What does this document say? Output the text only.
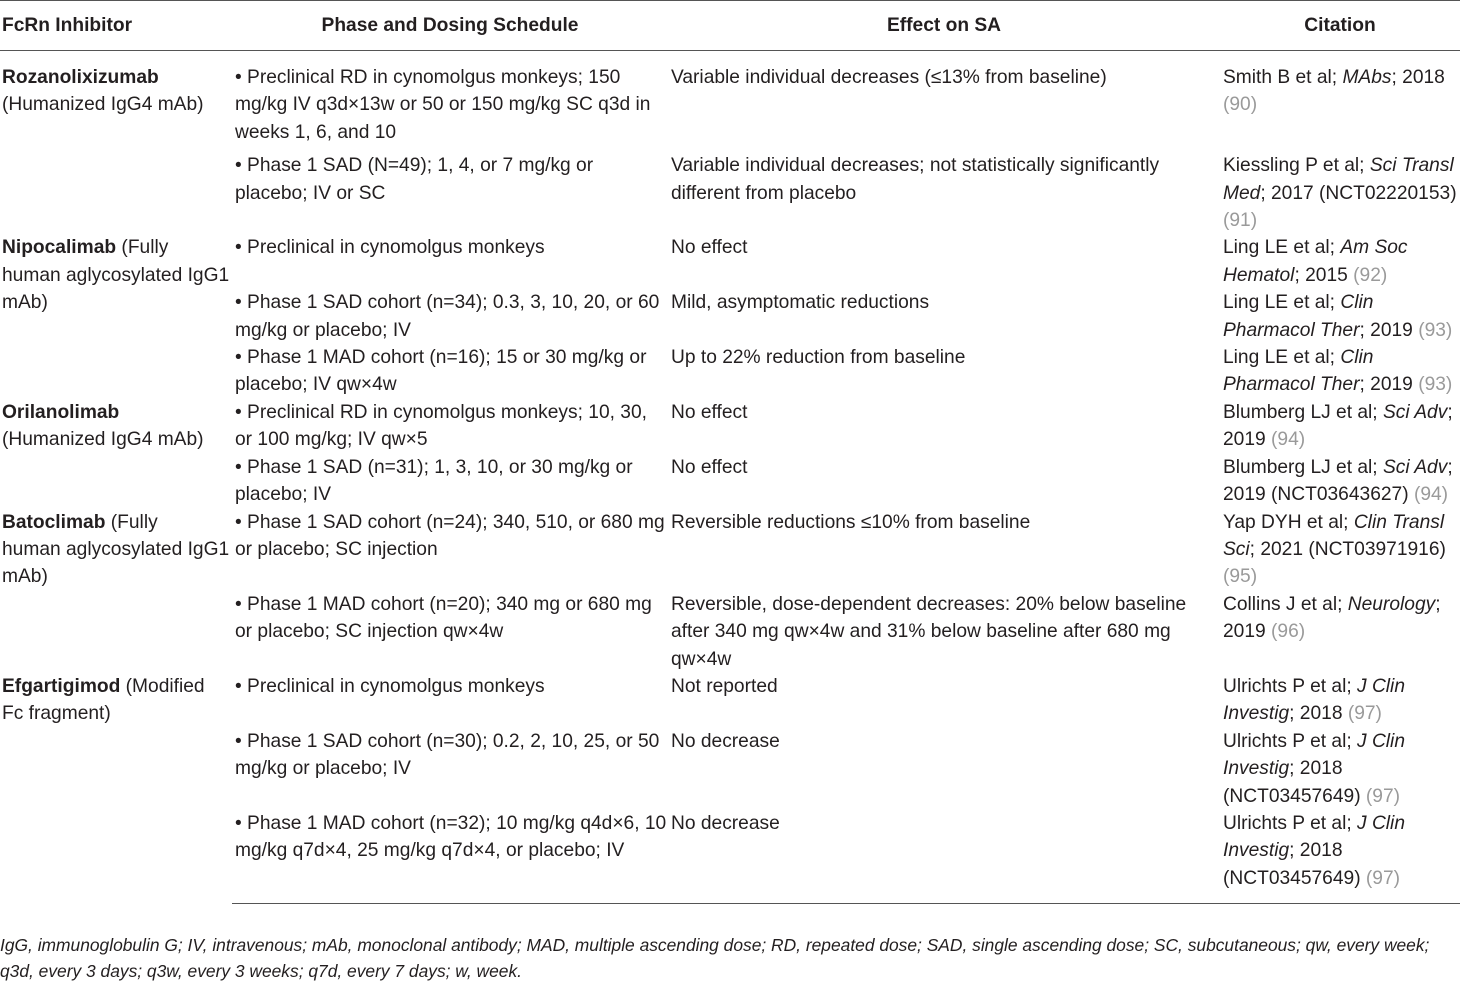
FcRn Inhibitor	Phase and Dosing Schedule	Effect on SA	Citation
Rozanolixizumab
(Humanized IgG4 mAb)	• Preclinical RD in cynomolgus monkeys; 150 mg/kg IV q3d×13w or 50 or 150 mg/kg SC q3d in weeks 1, 6, and 10	Variable individual decreases (≤13% from baseline)	Smith B et al; MAbs; 2018 (90)
	• Phase 1 SAD (N=49); 1, 4, or 7 mg/kg or placebo; IV or SC	Variable individual decreases; not statistically significantly different from placebo	Kiessling P et al; Sci Transl Med; 2017 (NCT02220153) (91)
Nipocalimab (Fully
human aglycosylated IgG1 mAb)	• Preclinical in cynomolgus monkeys	No effect	Ling LE et al; Am Soc Hematol; 2015 (92)
	• Phase 1 SAD cohort (n=34); 0.3, 3, 10, 20, or 60 mg/kg or placebo; IV	Mild, asymptomatic reductions	Ling LE et al; Clin Pharmacol Ther; 2019 (93)
	• Phase 1 MAD cohort (n=16); 15 or 30 mg/kg or placebo; IV qw×4w	Up to 22% reduction from baseline	Ling LE et al; Clin Pharmacol Ther; 2019 (93)
Orilanolimab
(Humanized IgG4 mAb)	• Preclinical RD in cynomolgus monkeys; 10, 30, or 100 mg/kg; IV qw×5	No effect	Blumberg LJ et al; Sci Adv; 2019 (94)
	• Phase 1 SAD (n=31); 1, 3, 10, or 30 mg/kg or placebo; IV	No effect	Blumberg LJ et al; Sci Adv; 2019 (NCT03643627) (94)
Batoclimab (Fully
human aglycosylated IgG1 mAb)	• Phase 1 SAD cohort (n=24); 340, 510, or 680 mg or placebo; SC injection	Reversible reductions ≤10% from baseline	Yap DYH et al; Clin Transl Sci; 2021 (NCT03971916) (95)
	• Phase 1 MAD cohort (n=20); 340 mg or 680 mg or placebo; SC injection qw×4w	Reversible, dose-dependent decreases: 20% below baseline after 340 mg qw×4w and 31% below baseline after 680 mg qw×4w	Collins J et al; Neurology; 2019 (96)
Efgartigimod (Modified
Fc fragment)	• Preclinical in cynomolgus monkeys	Not reported	Ulrichts P et al; J Clin Investig; 2018 (97)
	• Phase 1 SAD cohort (n=30); 0.2, 2, 10, 25, or 50 mg/kg or placebo; IV	No decrease	Ulrichts P et al; J Clin Investig; 2018 (NCT03457649) (97)
	• Phase 1 MAD cohort (n=32); 10 mg/kg q4d×6, 10 mg/kg q7d×4, 25 mg/kg q7d×4, or placebo; IV	No decrease	Ulrichts P et al; J Clin Investig; 2018 (NCT03457649) (97)
IgG, immunoglobulin G; IV, intravenous; mAb, monoclonal antibody; MAD, multiple ascending dose; RD, repeated dose; SAD, single ascending dose; SC, subcutaneous; qw, every week; q3d, every 3 days; q3w, every 3 weeks; q7d, every 7 days; w, week.
